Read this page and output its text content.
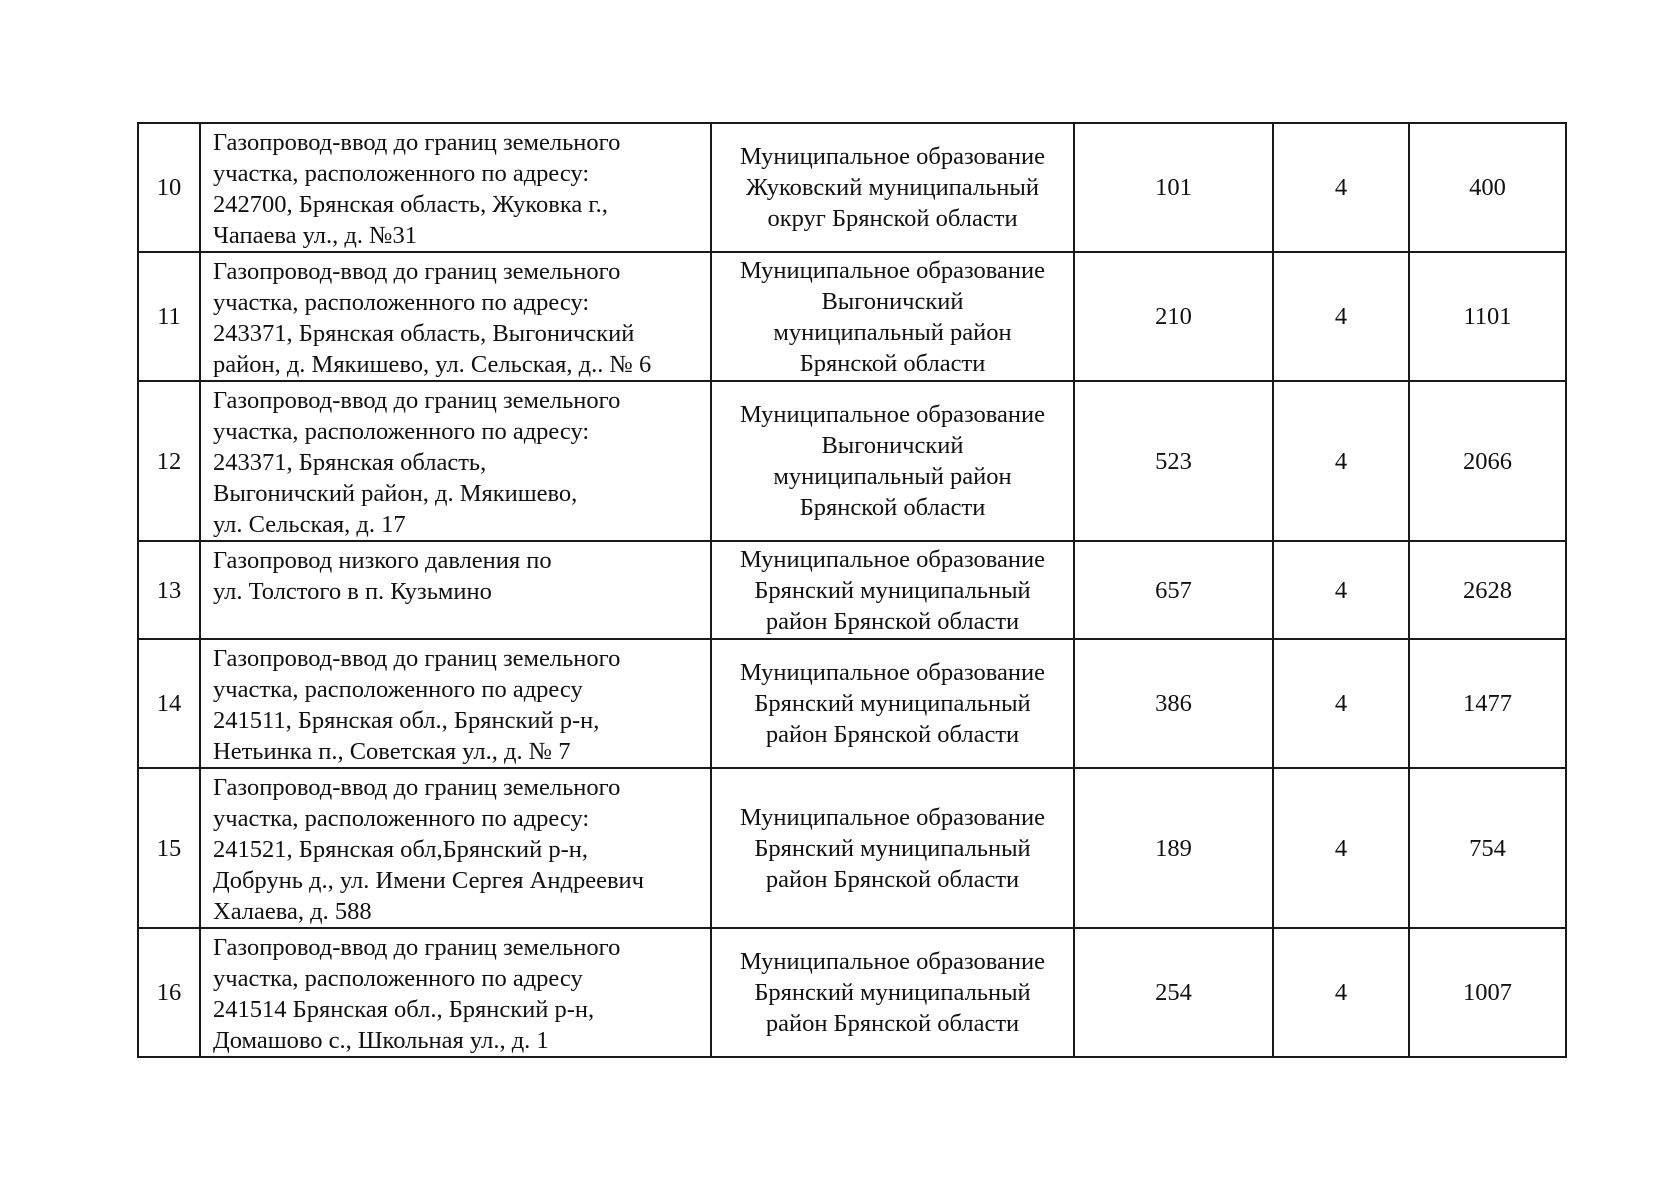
10	Газопровод-ввод до границ земельного
участка, расположенного по адресу:
242700, Брянская область, Жуковка г.,
Чапаева ул., д. №31	Муниципальное образование
Жуковский муниципальный
округ Брянской области	101	4	400
11	Газопровод-ввод до границ земельного
участка, расположенного по адресу:
243371, Брянская область, Выгоничский
район, д. Мякишево, ул. Сельская, д.. № 6	Муниципальное образование
Выгоничский
муниципальный район
Брянской области	210	4	1101
12	Газопровод-ввод до границ земельного
участка, расположенного по адресу:
243371, Брянская область,
Выгоничский район, д. Мякишево,
ул. Сельская, д. 17	Муниципальное образование
Выгоничский
муниципальный район
Брянской области	523	4	2066
13	Газопровод низкого давления по
ул. Толстого в п. Кузьмино	Муниципальное образование
Брянский муниципальный
район Брянской области	657	4	2628
14	Газопровод-ввод до границ земельного
участка, расположенного по адресу
241511, Брянская обл., Брянский р-н,
Нетьинка п., Советская ул., д. № 7	Муниципальное образование
Брянский муниципальный
район Брянской области	386	4	1477
15	Газопровод-ввод до границ земельного
участка, расположенного по адресу:
241521, Брянская обл,Брянский р-н,
Добрунь д., ул. Имени Сергея Андреевич
Халаева, д. 588	Муниципальное образование
Брянский муниципальный
район Брянской области	189	4	754
16	Газопровод-ввод до границ земельного
участка, расположенного по адресу
241514 Брянская обл., Брянский р-н,
Домашово с., Школьная ул., д. 1	Муниципальное образование
Брянский муниципальный
район Брянской области	254	4	1007
